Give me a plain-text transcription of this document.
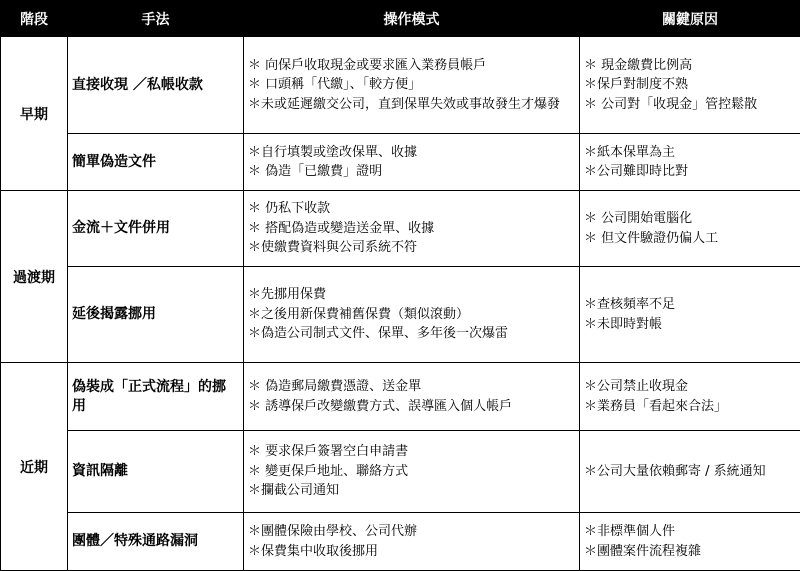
階段	手法	操作模式	關鍵原因
早期	直接收現 ／私帳收款	＊ 向保戶收取現金或要求匯入業務員帳戶
＊ 口頭稱「代繳」、「較方便」
＊未或延遲繳交公司，直到保單失效或事故發生才爆發	＊ 現金繳費比例高
＊保戶對制度不熟
＊ 公司對「收現金」管控鬆散

	簡單偽造文件	＊自行填製或塗改保單、收據
＊ 偽造「已繳費」證明	＊紙本保單為主
＊公司難即時比對

過渡期	金流＋文件併用	＊ 仍私下收款
＊ 搭配偽造或變造送金單、收據
＊使繳費資料與公司系統不符	＊ 公司開始電腦化
＊ 但文件驗證仍偏人工

	延後揭露挪用	＊先挪用保費
＊之後用新保費補舊保費（類似滾動）
＊偽造公司制式文件、保單、多年後一次爆雷	＊查核頻率不足
＊未即時對帳

近期	偽裝成「正式流程」的挪用	＊ 偽造郵局繳費憑證、送金單
＊ 誘導保戶改變繳費方式、誤導匯入個人帳戶	＊公司禁止收現金
＊業務員「看起來合法」

	資訊隔離	＊ 要求保戶簽署空白申請書
＊ 變更保戶地址、聯絡方式
＊攔截公司通知	＊公司大量依賴郵寄 / 系統通知

	團體／特殊通路漏洞	＊團體保險由學校、公司代辦
＊保費集中收取後挪用	＊非標準個人件
＊團體案件流程複雜
